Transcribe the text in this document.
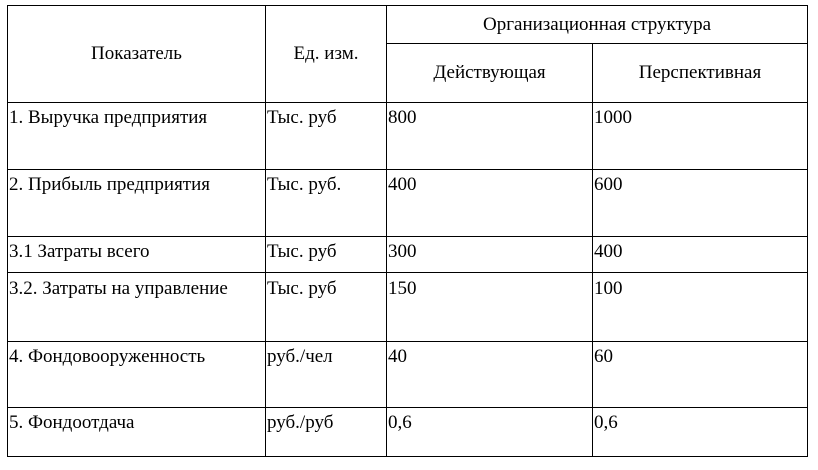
Показатель	Ед. изм.	Организационная структура	
		Действующая	Перспективная
1. Выручка предприятия	Тыс. руб	800	1000
2. Прибыль предприятия	Тыс. руб.	400	600
3.1 Затраты всего	Тыс. руб	300	400
3.2. Затраты на управление	Тыс. руб	150	100
4. Фондовооруженность	руб./чел	40	60
5. Фондоотдача	руб./руб	0,6	0,6
